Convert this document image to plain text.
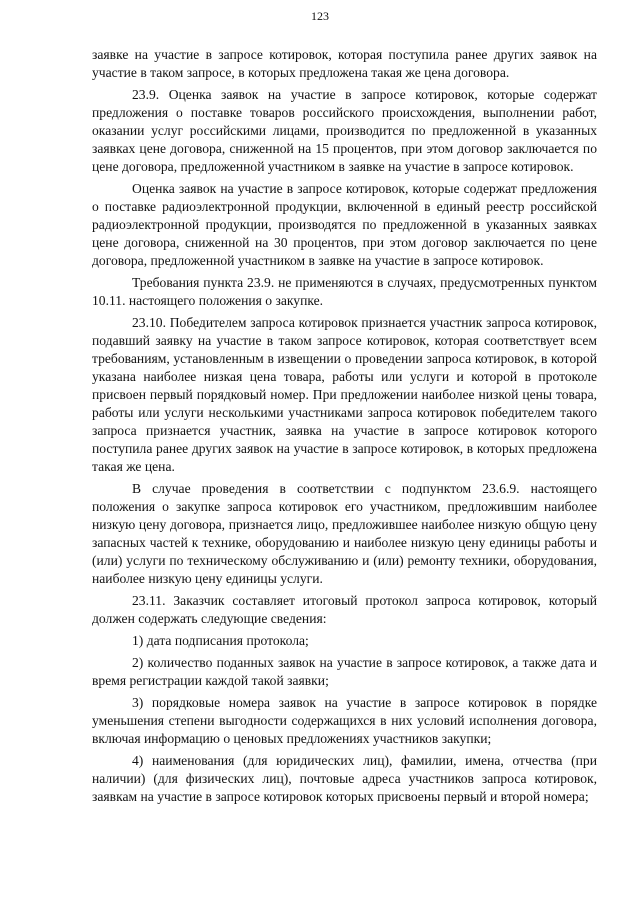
123

заявке на участие в запросе котировок, которая поступила ранее других заявок на участие в таком запросе, в которых предложена такая же цена договора.

23.9. Оценка заявок на участие в запросе котировок, которые содержат предложения о поставке товаров российского происхождения, выполнении работ, оказании услуг российскими лицами, производится по предложенной в указанных заявках цене договора, сниженной на 15 процентов, при этом договор заключается по цене договора, предложенной участником в заявке на участие в запросе котировок.

Оценка заявок на участие в запросе котировок, которые содержат предложения о поставке радиоэлектронной продукции, включенной в единый реестр российской радиоэлектронной продукции, производятся по предложенной в указанных заявках цене договора, сниженной на 30 процентов, при этом договор заключается по цене договора, предложенной участником в заявке на участие в запросе котировок.

Требования пункта 23.9. не применяются в случаях, предусмотренных пунктом 10.11. настоящего положения о закупке.

23.10. Победителем запроса котировок признается участник запроса котировок, подавший заявку на участие в таком запросе котировок, которая соответствует всем требованиям, установленным в извещении о проведении запроса котировок, в которой указана наиболее низкая цена товара, работы или услуги и которой в протоколе присвоен первый порядковый номер. При предложении наиболее низкой цены товара, работы или услуги несколькими участниками запроса котировок победителем такого запроса признается участник, заявка на участие в запросе котировок которого поступила ранее других заявок на участие в запросе котировок, в которых предложена такая же цена.

В случае проведения в соответствии с подпунктом 23.6.9. настоящего положения о закупке запроса котировок его участником, предложившим наиболее низкую цену договора, признается лицо, предложившее наиболее низкую общую цену запасных частей к технике, оборудованию и наиболее низкую цену единицы работы и (или) услуги по техническому обслуживанию и (или) ремонту техники, оборудования, наиболее низкую цену единицы услуги.

23.11. Заказчик составляет итоговый протокол запроса котировок, который должен содержать следующие сведения:

1) дата подписания протокола;

2) количество поданных заявок на участие в запросе котировок, а также дата и время регистрации каждой такой заявки;

3) порядковые номера заявок на участие в запросе котировок в порядке уменьшения степени выгодности содержащихся в них условий исполнения договора, включая информацию о ценовых предложениях участников закупки;

4) наименования (для юридических лиц), фамилии, имена, отчества (при наличии) (для физических лиц), почтовые адреса участников запроса котировок, заявкам на участие в запросе котировок которых присвоены первый и второй номера;
